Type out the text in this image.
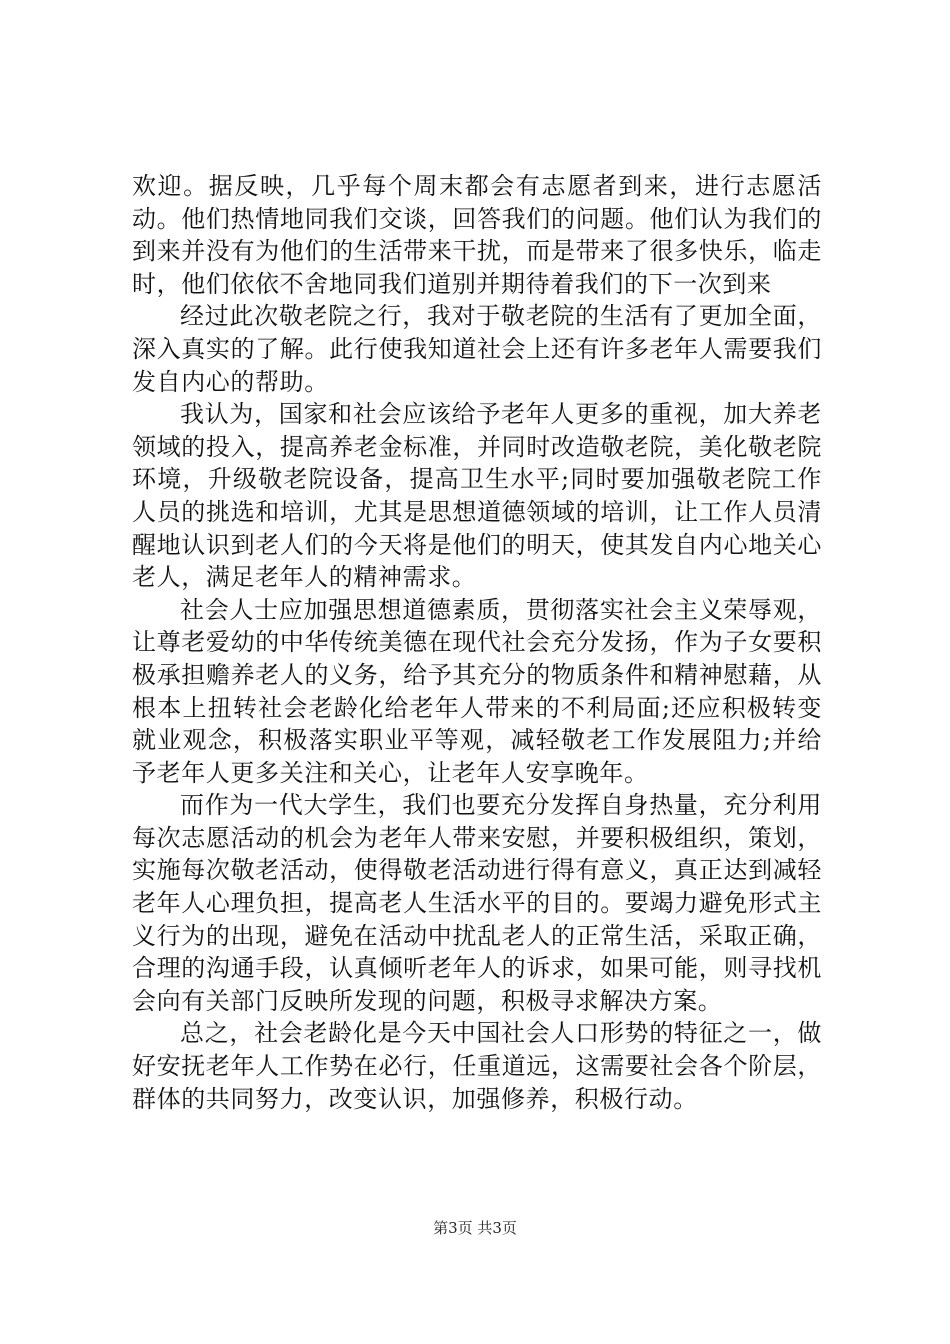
欢迎。据反映，几乎每个周末都会有志愿者到来，进行志愿活动。他们热情地同我们交谈，回答我们的问题。他们认为我们的到来并没有为他们的生活带来干扰，而是带来了很多快乐，临走时，他们依依不舍地同我们道别并期待着我们的下一次到来

经过此次敬老院之行，我对于敬老院的生活有了更加全面，深入真实的了解。此行使我知道社会上还有许多老年人需要我们发自内心的帮助。

我认为，国家和社会应该给予老年人更多的重视，加大养老领域的投入，提高养老金标准，并同时改造敬老院，美化敬老院环境，升级敬老院设备，提高卫生水平;同时要加强敬老院工作人员的挑选和培训，尤其是思想道德领域的培训，让工作人员清醒地认识到老人们的今天将是他们的明天，使其发自内心地关心老人，满足老年人的精神需求。

社会人士应加强思想道德素质，贯彻落实社会主义荣辱观，让尊老爱幼的中华传统美德在现代社会充分发扬，作为子女要积极承担赡养老人的义务，给予其充分的物质条件和精神慰藉，从根本上扭转社会老龄化给老年人带来的不利局面;还应积极转变就业观念，积极落实职业平等观，减轻敬老工作发展阻力;并给予老年人更多关注和关心，让老年人安享晚年。

而作为一代大学生，我们也要充分发挥自身热量，充分利用每次志愿活动的机会为老年人带来安慰，并要积极组织，策划，实施每次敬老活动，使得敬老活动进行得有意义，真正达到减轻老年人心理负担，提高老人生活水平的目的。要竭力避免形式主义行为的出现，避免在活动中扰乱老人的正常生活，采取正确，合理的沟通手段，认真倾听老年人的诉求，如果可能，则寻找机会向有关部门反映所发现的问题，积极寻求解决方案。

总之，社会老龄化是今天中国社会人口形势的特征之一，做好安抚老年人工作势在必行，任重道远，这需要社会各个阶层，群体的共同努力，改变认识，加强修养，积极行动。

第3页 共3页
